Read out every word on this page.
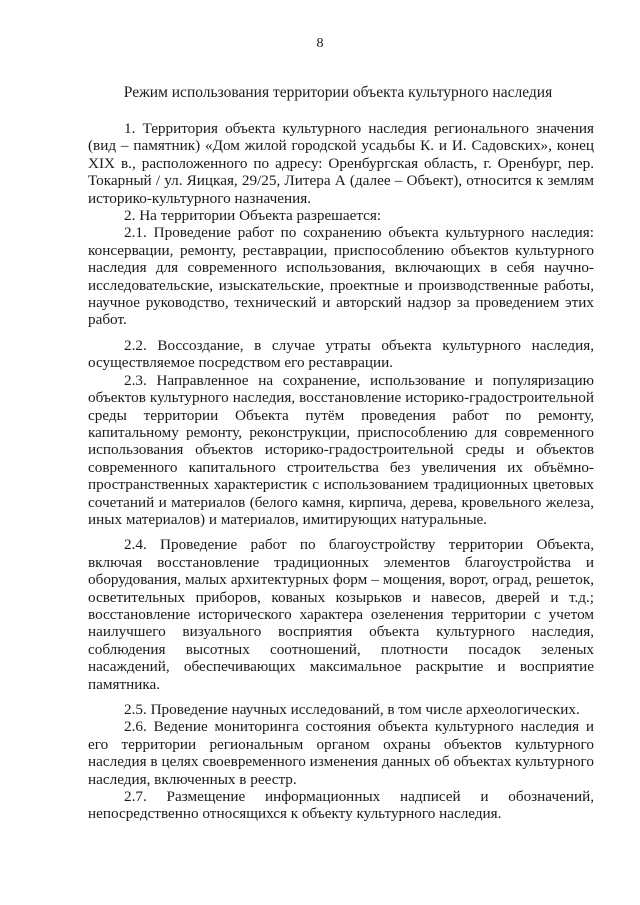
8
Режим использования территории объекта культурного наследия

1. Территория объекта культурного наследия регионального значения (вид – памятник) «Дом жилой городской усадьбы К. и И. Садовских», конец XIX в., расположенного по адресу: Оренбургская область, г. Оренбург, пер. Токарный / ул. Яицкая, 29/25, Литера А (далее – Объект), относится к землям историко-культурного назначения.

2. На территории Объекта разрешается:

2.1. Проведение работ по сохранению объекта культурного наследия: консервации, ремонту, реставрации, приспособлению объектов культурного наследия для современного использования, включающих в себя научно-исследовательские, изыскательские, проектные и производственные работы, научное руководство, технический и авторский надзор за проведением этих работ.

2.2. Воссоздание, в случае утраты объекта культурного наследия, осуществляемое посредством его реставрации.

2.3. Направленное на сохранение, использование и популяризацию объектов культурного наследия, восстановление историко-градостроительной среды территории Объекта путём проведения работ по ремонту, капитальному ремонту, реконструкции, приспособлению для современного использования объектов историко-градостроительной среды и объектов современного капитального строительства без увеличения их объёмно-пространственных характеристик с использованием традиционных цветовых сочетаний и материалов (белого камня, кирпича, дерева, кровельного железа, иных материалов) и материалов, имитирующих натуральные.

2.4. Проведение работ по благоустройству территории Объекта, включая восстановление традиционных элементов благоустройства и оборудования, малых архитектурных форм – мощения, ворот, оград, решеток, осветительных приборов, кованых козырьков и навесов, дверей и т.д.; восстановление исторического характера озеленения территории с учетом наилучшего визуального восприятия объекта культурного наследия, соблюдения высотных соотношений, плотности посадок зеленых насаждений, обеспечивающих максимальное раскрытие и восприятие памятника.

2.5. Проведение научных исследований, в том числе археологических.

2.6. Ведение мониторинга состояния объекта культурного наследия и его территории региональным органом охраны объектов культурного наследия в целях своевременного изменения данных об объектах культурного наследия, включенных в реестр.

2.7. Размещение информационных надписей и обозначений, непосредственно относящихся к объекту культурного наследия.
